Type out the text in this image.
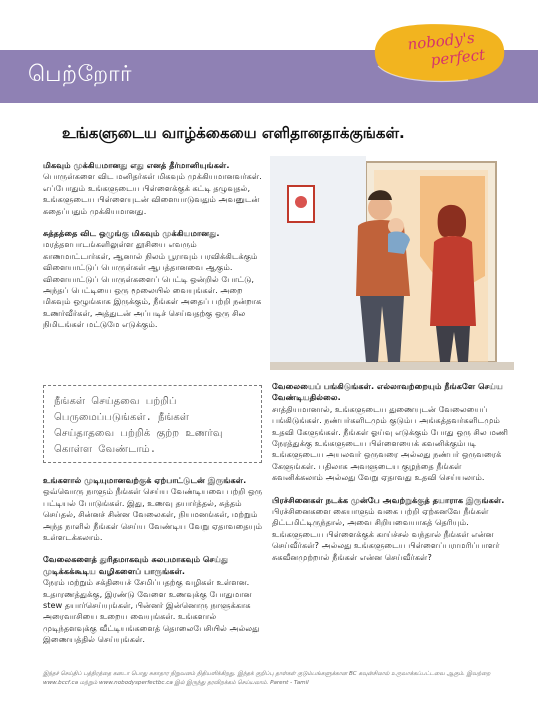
பெற்றோர்
nobody's
perfect
உங்களுடைய வாழ்க்கையை எளிதானதாக்குங்கள்.
மிகவும் முக்கியமானது எது எனத் தீர்மானியுங்கள்.
பொருள்களை விட மனிதர்கள் மிகவும் முக்கியமானவர்கள். எப்போதும் உங்களுடைய பிள்ளைக்குக் கட்டி தழுவுதல், உங்களுடைய பிள்ளையுடன் விளையாடுவதும் அவனுடன் கதைப்பதும் முக்கியமானது.
சுத்தத்தை விட ஒழுங்கு மிகவும் முக்கியமானது.
மரத்தளபாடங்களிலுள்ள தூசியை எவரும் காணமாட்டார்கள், ஆனால் நிலம் பூராவும் பரவிக்கிடக்கும் விளையாட்டுப் பொருள்கள் ஆபத்தானவை ஆகும். விளையாட்டுப் பொருள்களைப் பெட்டி ஒன்றில் போட்டு, அந்தப் பெட்டியை ஒரு மூலையில் வையுங்கள். அறை மிகவும் ஒழுங்காக இருக்கும், நீங்கள் அதைப் பற்றி நன்றாக உணர்வீர்கள், அத்துடன் அப்படிச் செய்வதற்கு ஒரு சில நிமிடங்கள் மட்டுமே எடுக்கும்.
நீங்கள் செய்தவை பற்றிப் பெருமைப்படுங்கள். நீங்கள் செய்தாதவை பற்றிக் குற்ற உணர்வு கொள்ள வேண்டாம்.
உங்களால் முடியுமானவற்குக் ஏற்பாட்டுடன் இருங்கள்.
ஒவ்வொரு நாளும் நீங்கள் செய்ய வேண்டியவை பற்றி ஒரு பட்டியல் போடுங்கள். இது, உணவு தயார்த்தல், சுத்தம் செய்தல், சின்னச் சின்ன வேலைகள், நியமனங்கள், மற்றும் அந்த நாளில் நீங்கள் செய்ய வேண்டிய வேறு ஏதாவதையும் உள்ளடக்கலாம்.
வேலைகளைத் துரிதமாகவும் சுலபமாகவும் செய்து முடிக்கக்கூடிய வழிகளைப் பாருங்கள்.
நேரம் மற்றும் சக்தியைச் சேமிப்பதற்கு வழிகள் உள்ளன. உதாரணத்துக்கு, இரண்டு வேளை உணவுக்கு போதுமான stew தயார்செய்யுங்கள், பின்னர் இன்னொரு நாளுக்காக அரைவாசியை உறைய வையுங்கள். உங்களால் முடிந்தளவுக்கு வீட்டியங்களைத் தொலைபேசியில் அல்லது இணையத்தில் செய்யுங்கள்.
வேலையைப் பங்கிடுங்கள். எல்லாவற்றையும் நீங்களே செய்ய வேண்டியதில்லை.
சாத்தியமானால், உங்களுடைய துணையுடன் வேலையைப் பங்கிடுங்கள். நண்பர்களிடமும் குடும்ப அங்கத்தவர்களிடமும் உதவி கேளுங்கள். நீங்கள் ஓய்வு எடுக்கும் போது ஒரு சில மணி நேரத்துக்கு உங்களுடைய பிள்ளையைக் கவனிக்கும்படி உங்களுடைய அயலவர் ஒருவரை அல்லது நண்பர் ஒருவரைக் கேளுங்கள். பதிலாக அவளுடைய குழந்தை நீங்கள் கவனிக்கலாம் அல்லது வேறு ஏதாவது உதவி செய்யலாம்.
பிரச்சினைகள் நடக்க முன்பே அவற்றுக்குத் தயாராக இருங்கள்.
பிரச்சினைகளை கையாளும் வகை பற்றி ஏற்கனவே நீங்கள் திட்டமிட்டிருந்தால், அவை சிறியவையாகத் தெரியும். உங்களுடைய பிள்ளைக்குக் காய்ச்சல் வந்தால் நீங்கள் என்ன செய்வீர்கள்? அல்லது உங்களுடைய பிள்ளைப்பராமரிப்பாளர் சுகவீனமுற்றால் நீங்கள் என்ன செய்வீர்கள்?
இந்தச் செய்திப் பத்திரத்தை கனடா பொது சுகாதார நிறுவனம் நிதியளிக்கிறது. இந்தக் குறிப்பு தாள்கள் குடும்பங்களுக்கான BC கவுன்சிலால் உருவாக்கப்பட்டவை ஆகும். இவற்றை www.bccf.ca மற்றும் www.nobodysperfectbc.ca இல் இருந்து தரவிறக்கம் செய்யலாம். Parent - Tamil
